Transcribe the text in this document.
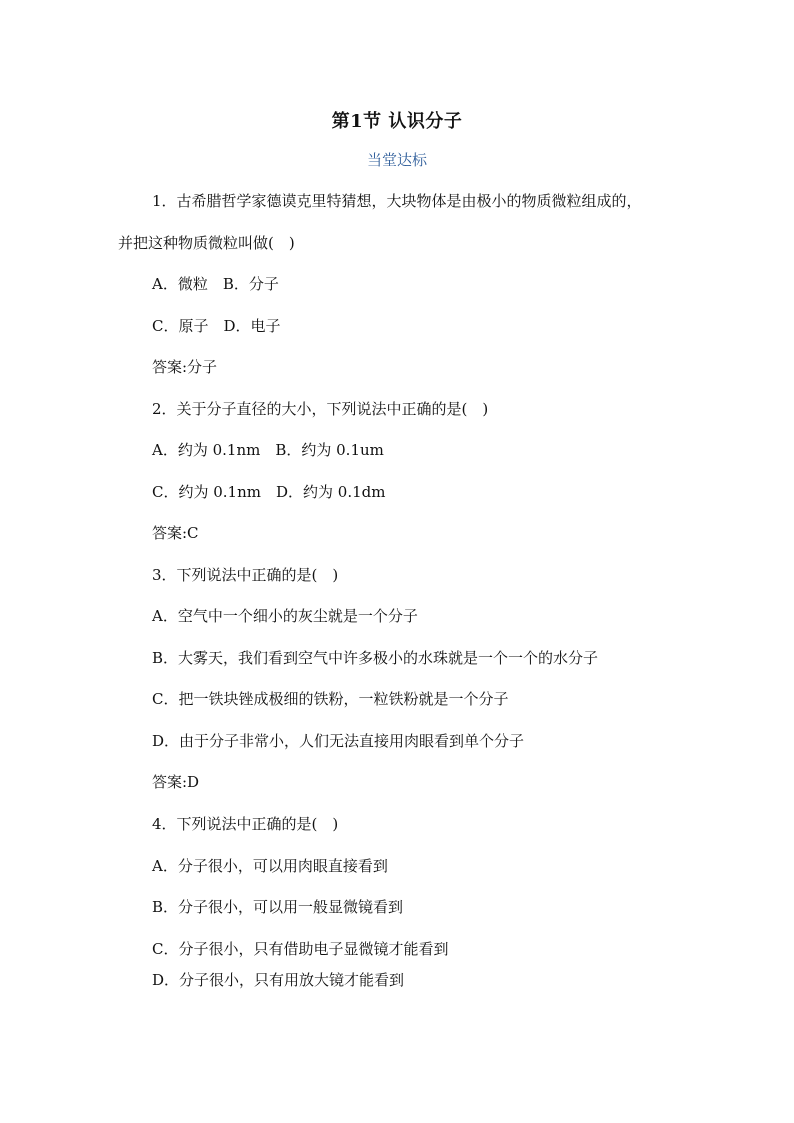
第1节 认识分子
当堂达标
1．古希腊哲学家德谟克里特猜想，大块物体是由极小的物质微粒组成的，
并把这种物质微粒叫做(　)
A．微粒　B．分子
C．原子　D．电子
答案:分子
2．关于分子直径的大小，下列说法中正确的是(　)
A．约为 0.1nm　B．约为 0.1um
C．约为 0.1nm　D．约为 0.1dm
答案:C
3．下列说法中正确的是(　)
A．空气中一个细小的灰尘就是一个分子
B．大雾天，我们看到空气中许多极小的水珠就是一个一个的水分子
C．把一铁块锉成极细的铁粉，一粒铁粉就是一个分子
D．由于分子非常小，人们无法直接用肉眼看到单个分子
答案:D
4．下列说法中正确的是(　)
A．分子很小，可以用肉眼直接看到
B．分子很小，可以用一般显微镜看到
C．分子很小，只有借助电子显微镜才能看到
D．分子很小，只有用放大镜才能看到
